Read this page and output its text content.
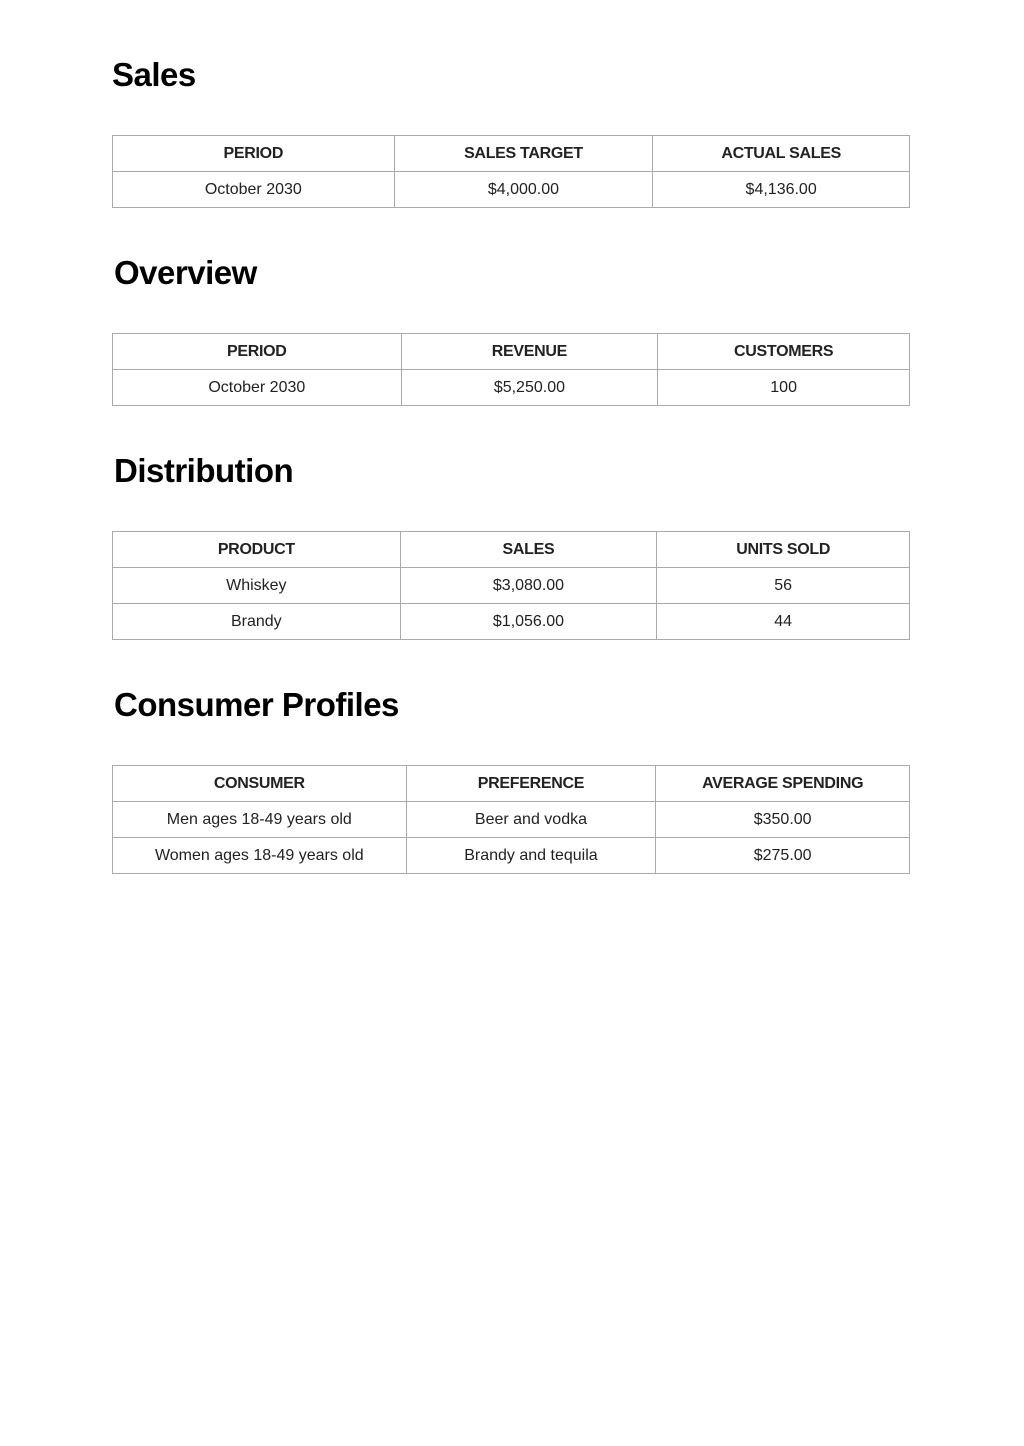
Sales
PERIOD	SALES TARGET	ACTUAL SALES
October 2030	$4,000.00	$4,136.00
Overview
PERIOD	REVENUE	CUSTOMERS
October 2030	$5,250.00	100
Distribution
PRODUCT	SALES	UNITS SOLD
Whiskey	$3,080.00	56
Brandy	$1,056.00	44
Consumer Profiles
CONSUMER	PREFERENCE	AVERAGE SPENDING
Men ages 18-49 years old	Beer and vodka	$350.00
Women ages 18-49 years old	Brandy and tequila	$275.00
